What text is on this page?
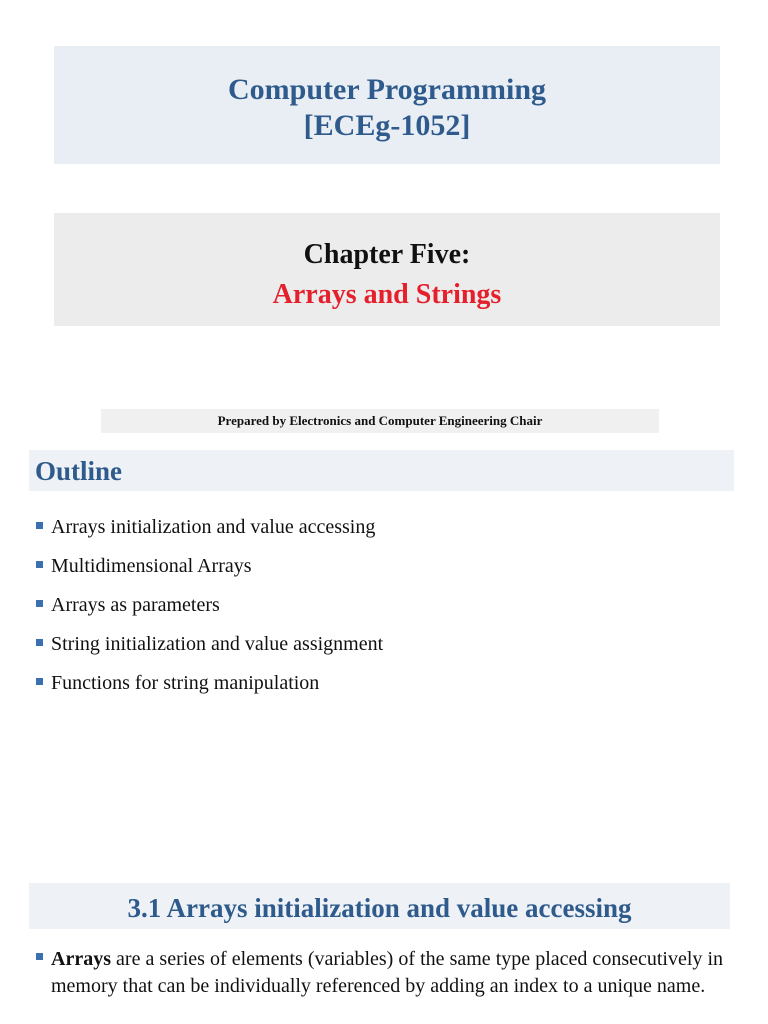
Computer Programming
[ECEg-1052]
Chapter Five:
Arrays and Strings
Prepared by Electronics and Computer Engineering Chair
Outline
Arrays initialization and value accessing
Multidimensional Arrays
Arrays as parameters
String initialization and value assignment
Functions for string manipulation
3.1 Arrays initialization and value accessing

Arrays are a series of elements (variables) of the same type placed consecutively in memory that can be individually referenced by adding an index to a unique name.
